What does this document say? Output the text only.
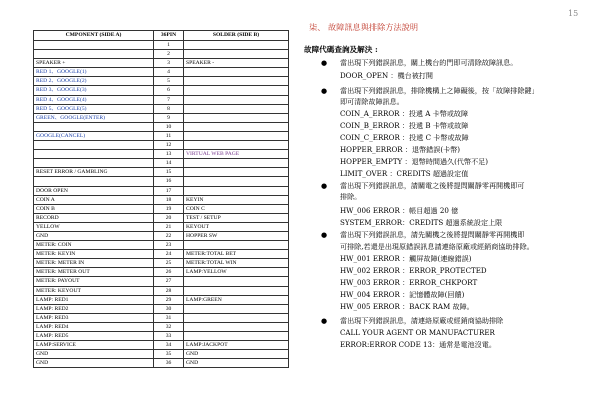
15
CMPONENT (SIDE A)	36PIN	SOLDER (SIDE B)
	1	
	2	
SPEAKER +	3	SPEAKER -
RED 1、GOOGLE(1)	4	
RED 2、GOOGLE(2)	5	
RED 3、GOOGLE(3)	6	
RED 4、GOOGLE(4)	7	
RED 5、GOOGLE(5)	8	
GREEN、GOOGLE(ENTER)	9	
	10	
GOOGLE(CANCEL)	11	
	12	
	13	VIRTUAL WEB PAGE
	14	
RESET ERROR / GAMBLING	15	
	16	
DOOR OPEN	17	
COIN A	18	KEYIN
COIN B	19	COIN C
RECORD	20	TEST / SETUP
YELLOW	21	KEYOUT
GND	22	HOPPER SW
METER: COIN	23	
METER: KEYIN	24	METER:TOTAL BET
METER: METER IN	25	METER:TOTAL WIN
METER: METER OUT	26	LAMP:YELLOW
METER: PAYOUT	27	
METER: KEYOUT	28	
LAMP: RED1	29	LAMP:GREEN
LAMP: RED2	30	
LAMP: RED3	31	
LAMP: RED4	32	
LAMP: RED5	33	
LAMP:SERVICE	34	LAMP:JACKPOT
GND	35	GND
GND	36	GND
柒、 故障訊息與排除方法說明
故障代碼查詢及解決 :
當出現下列錯誤訊息，關上機台的門即可清除故障訊息。
●
DOOR_OPEN ：機台被打開
當出現下列錯誤訊息，排除機構上之障礙後，按「故障排除鍵」
●
即可清除故障訊息。
COIN_A_ERROR ：投遞 A 卡幣或故障
COIN_B_ERROR ：投遞 B 卡幣或故障
COIN_C_ERROR ：投遞 C 卡幣或故障
HOPPER_ERROR ：退幣錯誤(卡幣)
HOPPER_EMPTY ：退幣時間過久(代幣不足)
LIMIT_OVER ：CREDITS 超過設定值
當出現下列錯誤訊息，請關電之後將提問關靜零再開機即可
●
排除。
HW_006 ERROR ：帳目超過 20 億
SYSTEM_ERROR：CREDITS 超過系統設定上限
當出現下列錯誤訊息，請先關機之後將提問關靜零再開機即
●
可排除,若還是出現原錯誤訊息請連絡原廠或經銷商協助排除。
HW_001 ERROR ：觸屏故障(連線錯誤)
HW_002 ERROR ：ERROR_PROTECTED
HW_003 ERROR ：ERROR_CHKPORT
HW_004 ERROR ：記憶體故障(回饋)
HW_005 ERROR ：BACK RAM 故障。
當出現下列錯誤訊息，請連絡原廠或經銷商協助排除
●
CALL YOUR AGENT OR MANUFACTURER
ERROR:ERROR CODE 13：通常是電池沒電。
